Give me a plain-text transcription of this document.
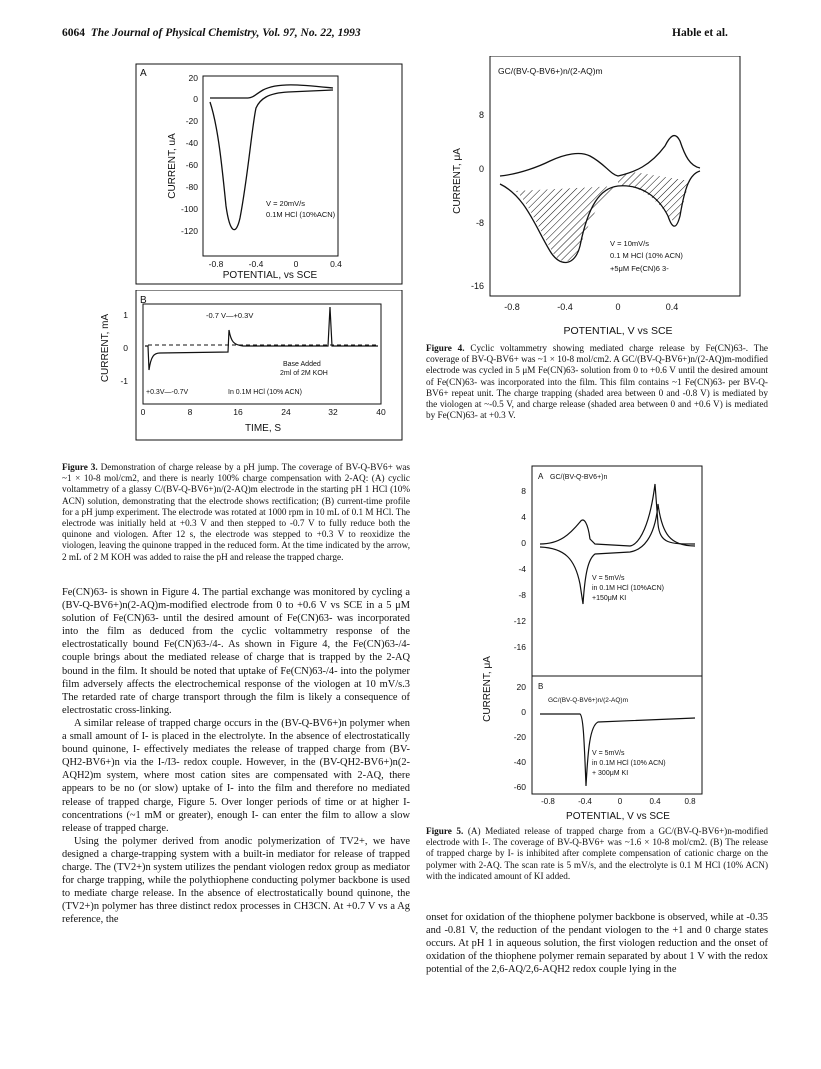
6064 The Journal of Physical Chemistry, Vol. 97, No. 22, 1993	Hable et al.
A	20
0
-20
-40
-60
-80
-100
-120
-0.8	-0.4	0	0.4
POTENTIAL, vs SCE
CURRENT, uA
V = 20mV/s
0.1M HCl (10%ACN)
B
1
0
-1
0	8	16	24	32	40
TIME, S
CURRENT, mA	-0.7 V—+0.3V
Base Added
2ml of 2M KOH
+0.3V—-0.7V	In 0.1M HCl (10% ACN)
Figure 3. Demonstration of charge release by a pH jump. The coverage of BV-Q-BV6+ was ~1 × 10-8 mol/cm2, and there is nearly 100% charge compensation with 2-AQ: (A) cyclic voltammetry of a glassy C/(BV-Q-BV6+)n/(2-AQ)m electrode in the starting pH 1 HCl (10% ACN) solution, demonstrating that the electrode shows rectification; (B) current-time profile for a pH jump experiment. The electrode was rotated at 1000 rpm in 10 mL of 0.1 M HCl. The electrode was initially held at +0.3 V and then stepped to -0.7 V to fully reduce both the quinone and viologen. After 12 s, the electrode was stepped to +0.3 V to reoxidize the viologen, leaving the quinone trapped in the reduced form. At the time indicated by the arrow, 2 mL of 2 M KOH was added to raise the pH and release the trapped charge.

Fe(CN)63- is shown in Figure 4. The partial exchange was monitored by cycling a (BV-Q-BV6+)n(2-AQ)m-modified electrode from 0 to +0.6 V vs SCE in a 5 μM solution of Fe(CN)63- until the desired amount of Fe(CN)63- was incorporated into the film as deduced from the cyclic voltammetry response of the electrostatically bound Fe(CN)63-/4-. As shown in Figure 4, the Fe(CN)63-/4- couple brings about the mediated release of charge that is trapped by the 2-AQ bound in the film. It should be noted that uptake of Fe(CN)63-/4- into the polymer film adversely affects the electrochemical response of the viologen at 10 mV/s.3 The retarded rate of charge transport through the film is likely a consequence of electrostatic cross-linking.

A similar release of trapped charge occurs in the (BV-Q-BV6+)n polymer when a small amount of I- is placed in the electrolyte. In the absence of electrostatically bound quinone, I- effectively mediates the release of trapped charge from (BV-QH2-BV6+)n via the I-/I3- redox couple. However, in the (BV-QH2-BV6+)n(2-AQH2)m system, where most cation sites are compensated with 2-AQ, there appears to be no (or slow) uptake of I- into the film and therefore no mediated release of trapped charge, Figure 5. Over longer periods of time or at higher I- concentrations (~1 mM or greater), enough I- can enter the film to allow a slow release of trapped charge.

Using the polymer derived from anodic polymerization of TV2+, we have designed a charge-trapping system with a built-in mediator for release of trapped charge. The (TV2+)n system utilizes the pendant viologen redox group as mediator for charge trapping, while the polythiophene conducting polymer backbone is used to mediate charge release. In the absence of electrostatically bound quinone, the (TV2+)n polymer has three distinct redox processes in CH3CN. At +0.7 V vs a Ag reference, the

GC/(BV-Q-BV6+)n/(2-AQ)m
8
0
-8
-16
-0.8	-0.4	0	0.4
CURRENT, μA
V = 10mV/s
0.1 M HCl (10% ACN)
+5μM Fe(CN)6 3-
POTENTIAL, V vs SCE
Figure 4. Cyclic voltammetry showing mediated charge release by Fe(CN)63-. The coverage of BV-Q-BV6+ was ~1 × 10-8 mol/cm2. A GC/(BV-Q-BV6+)n/(2-AQ)m-modified electrode was cycled in 5 μM Fe(CN)63- solution from 0 to +0.6 V until the desired amount of Fe(CN)63- was incorporated into the film. This film contains ~1 Fe(CN)63- per BV-Q-BV6+ repeat unit. The charge trapping (shaded area between 0 and -0.8 V) is mediated by the viologen at ~-0.5 V, and charge release (shaded area between 0 and +0.6 V) is mediated by Fe(CN)63- at +0.3 V.
CURRENT, μA
A GC/(BV-Q-BV6+)n
8
4
0
-4
-8
-12
-16
V = 5mV/s
in 0.1M HCl (10%ACN)
+150μM KI
B
GC/(BV-Q-BV6+)n/(2-AQ)m
20
0
-20
-40
-60
V = 5mV/s
in 0.1M HCl (10% ACN)
+ 300μM KI
-0.8	-0.4	0	0.4	0.8
POTENTIAL, V vs SCE
Figure 5. (A) Mediated release of trapped charge from a GC/(BV-Q-BV6+)n-modified electrode with I-. The coverage of BV-Q-BV6+ was ~1.6 × 10-8 mol/cm2. (B) The release of trapped charge by I- is inhibited after complete compensation of cationic charge on the polymer with 2-AQ. The scan rate is 5 mV/s, and the electrolyte is 0.1 M HCl (10% ACN) with the indicated amount of KI added.

onset for oxidation of the thiophene polymer backbone is observed, while at -0.35 and -0.81 V, the reduction of the pendant viologen to the +1 and 0 charge states occurs. At pH 1 in aqueous solution, the first viologen reduction and the onset of oxidation of the thiophene polymer remain separated by about 1 V with the redox potential of the 2,6-AQ/2,6-AQH2 redox couple lying in the
